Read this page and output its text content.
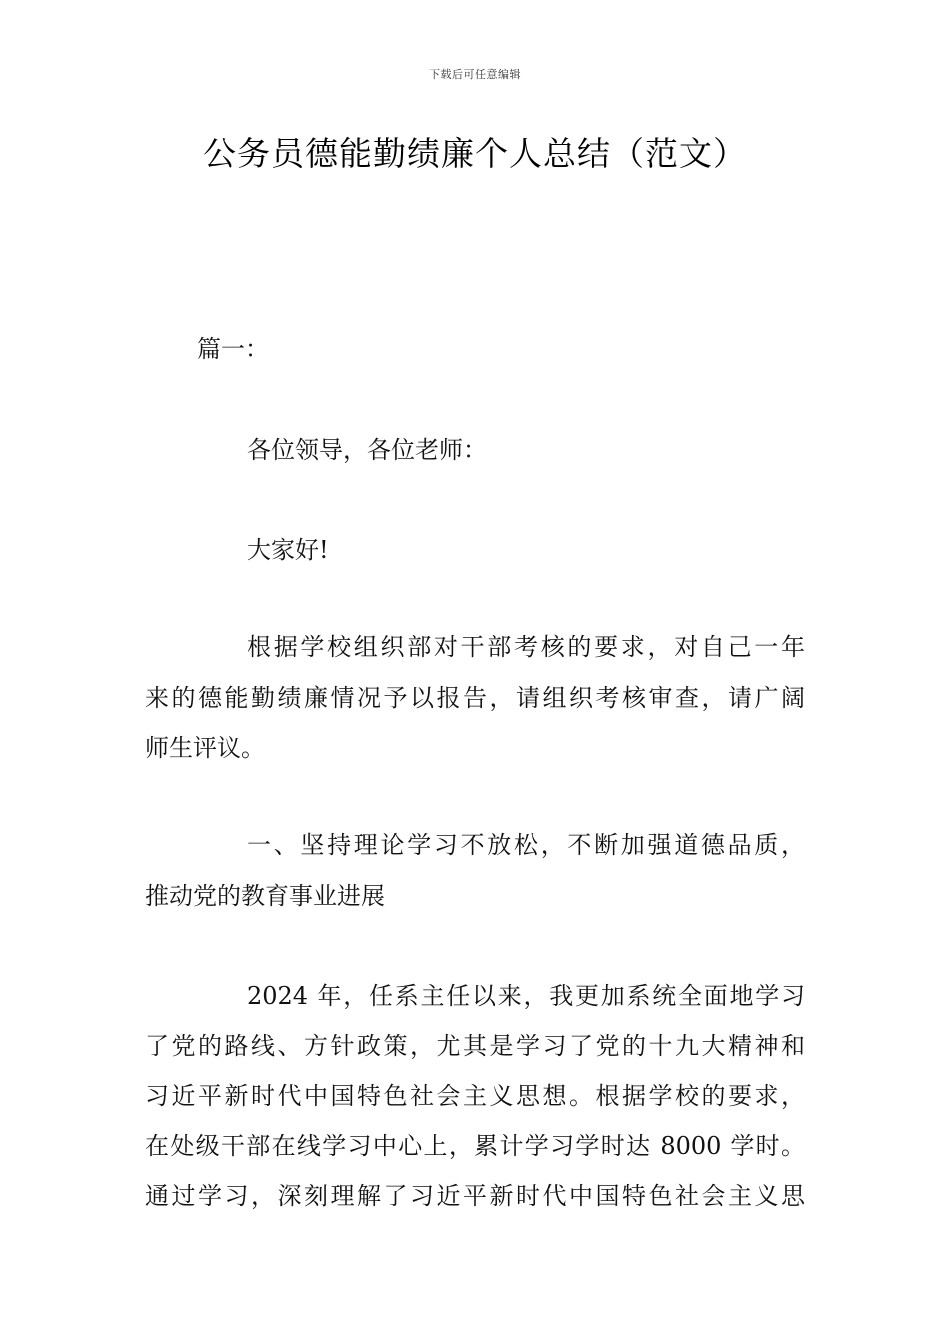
下载后可任意编辑
公务员德能勤绩廉个人总结（范文）
篇一：
各位领导，各位老师：
大家好!
根据学校组织部对干部考核的要求，对自己一年
来的德能勤绩廉情况予以报告，请组织考核审查，请广阔
师生评议。
一、坚持理论学习不放松，不断加强道德品质，
推动党的教育事业进展
2024 年，任系主任以来，我更加系统全面地学习
了党的路线、方针政策，尤其是学习了党的十九大精神和
习近平新时代中国特色社会主义思想。根据学校的要求，
在处级干部在线学习中心上，累计学习学时达 8000 学时。
通过学习，深刻理解了习近平新时代中国特色社会主义思
